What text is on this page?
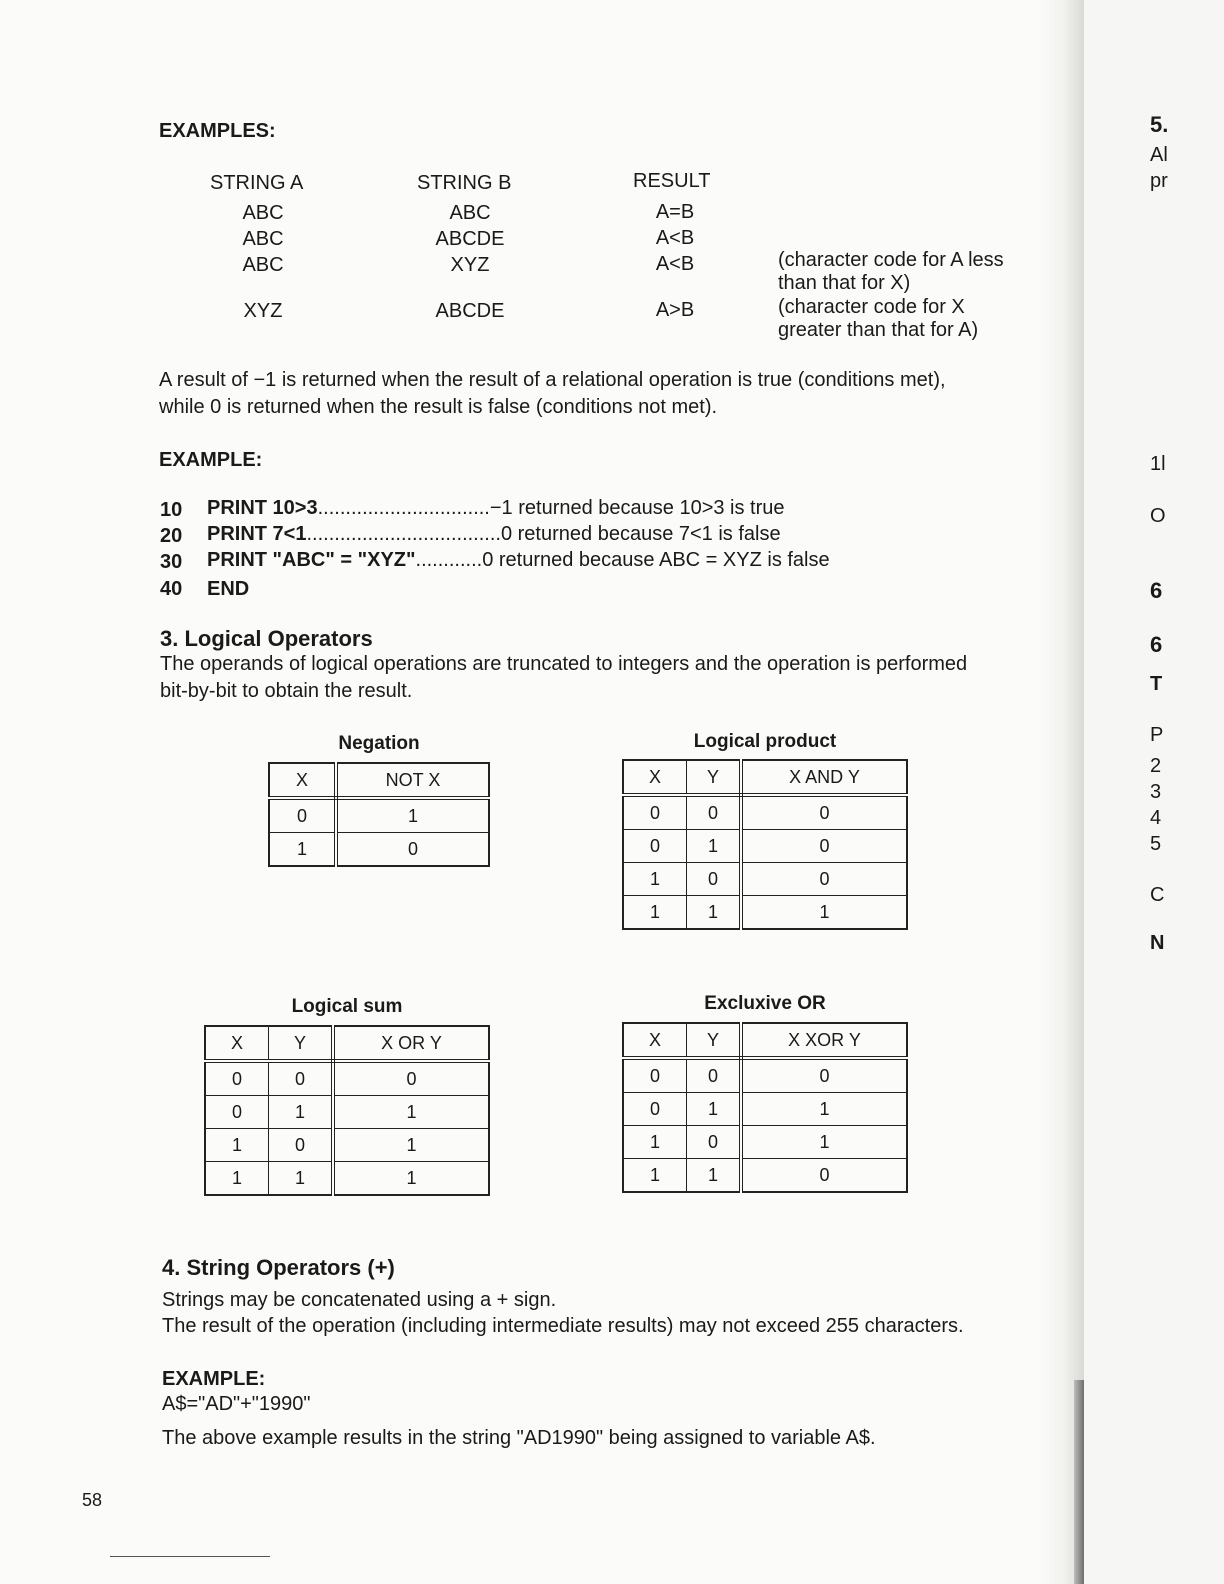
5.
Al
pr
1l
O
6
6
T
P
2
3
4
5
C
N
EXAMPLES:
STRING A	STRING B	RESULT
ABC	ABC	A=B
ABC	ABCDE	A<B
ABC	XYZ	A<B	(character code for A less
than that for X)
XYZ	ABCDE	A>B	(character code for X
greater than that for A)
A result of −1 is returned when the result of a relational operation is true (conditions met),
while 0 is returned when the result is false (conditions not met).
EXAMPLE:
10 PRINT 10>3...............................−1 returned because 10>3 is true
20 PRINT 7<1...................................0 returned because 7<1 is false
30 PRINT "ABC" = "XYZ"............0 returned because ABC = XYZ is false
40 END
3. Logical Operators
The operands of logical operations are truncated to integers and the operation is performed
bit-by-bit to obtain the result.
Negation
X	NOT X
0	1
1	0
Logical product
X	Y	X AND Y
0	0	0
0	1	0
1	0	0
1	1	1
Logical sum
X	Y	X OR Y
0	0	0
0	1	1
1	0	1
1	1	1
Excluxive OR
X	Y	X XOR Y
0	0	0
0	1	1
1	0	1
1	1	0
4. String Operators (+)
Strings may be concatenated using a + sign.
The result of the operation (including intermediate results) may not exceed 255 characters.
EXAMPLE:
A$="AD"+"1990"
The above example results in the string "AD1990" being assigned to variable A$.
58
